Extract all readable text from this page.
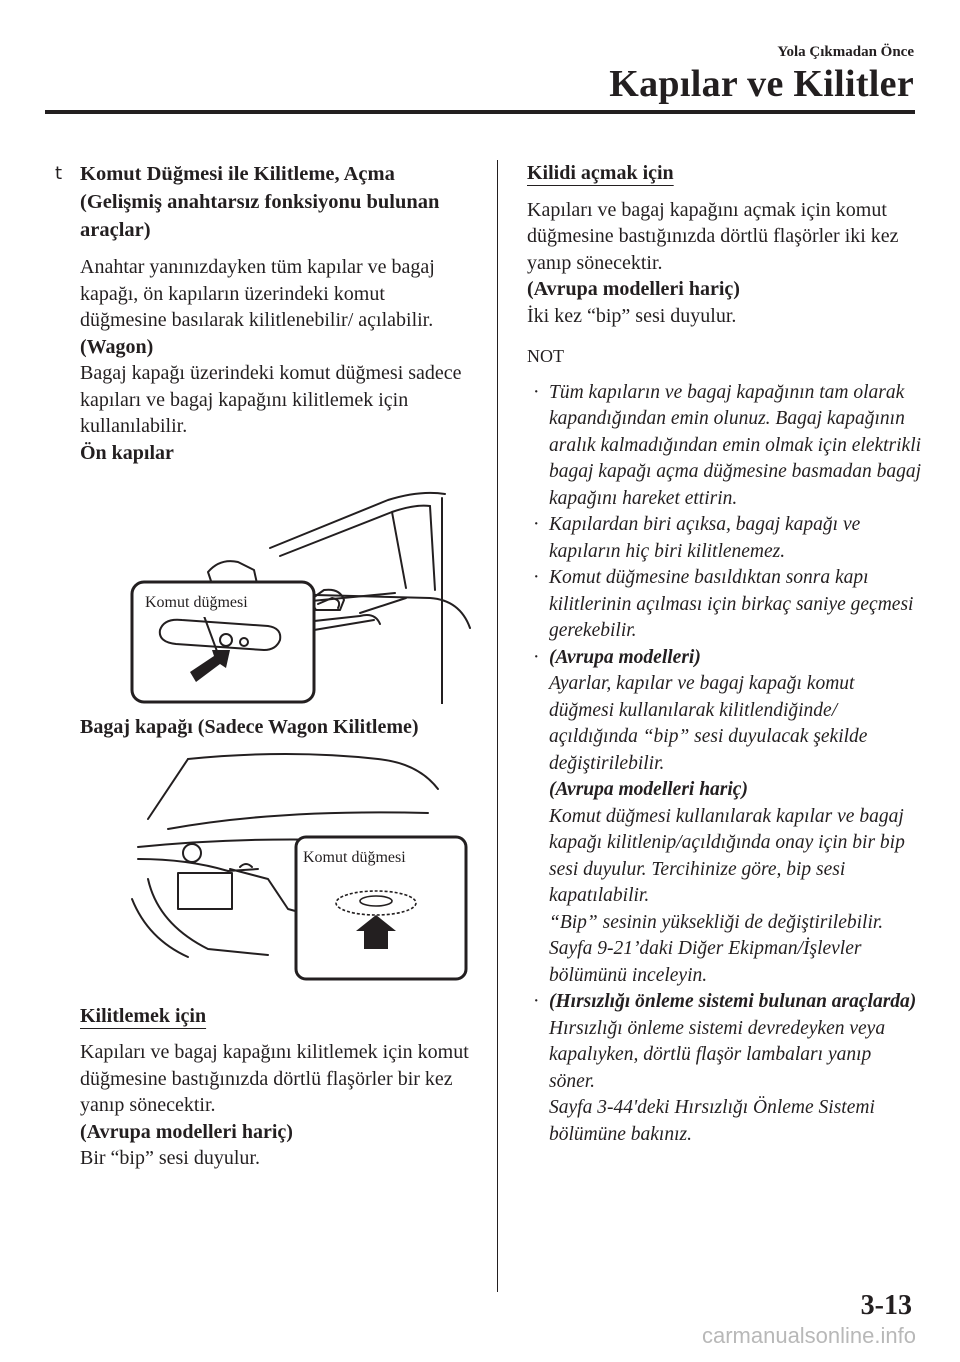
Yola Çıkmadan Önce
Kapılar ve Kilitler
t Komut Düğmesi ile Kilitleme, Açma (Gelişmiş anahtarsız fonksiyonu bulunan araçlar)

Anahtar yanınızdayken tüm kapılar ve bagaj kapağı, ön kapıların üzerindeki komut düğmesine basılarak kilitlenebilir/ açılabilir.

(Wagon)

Bagaj kapağı üzerindeki komut düğmesi sadece kapıları ve bagaj kapağını kilitlemek için kullanılabilir.

Ön kapılar

Komut düğmesi

Bagaj kapağı (Sadece Wagon Kilitleme)

Komut düğmesi

Kilitlemek için

Kapıları ve bagaj kapağını kilitlemek için komut düğmesine bastığınızda dörtlü flaşörler bir kez yanıp sönecektir.

(Avrupa modelleri hariç)

Bir “bip” sesi duyulur.

Kilidi açmak için

Kapıları ve bagaj kapağını açmak için komut düğmesine bastığınızda dörtlü flaşörler iki kez yanıp sönecektir.

(Avrupa modelleri hariç)

İki kez “bip” sesi duyulur.

NOT

· Tüm kapıların ve bagaj kapağının tam olarak kapandığından emin olunuz. Bagaj kapağının aralık kalmadığından emin olmak için elektrikli bagaj kapağı açma düğmesine basmadan bagaj kapağını hareket ettirin.
· Kapılardan biri açıksa, bagaj kapağı ve kapıların hiç biri kilitlenemez.
· Komut düğmesine basıldıktan sonra kapı kilitlerinin açılması için birkaç saniye geçmesi gerekebilir.
· (Avrupa modelleri)
Ayarlar, kapılar ve bagaj kapağı komut düğmesi kullanılarak kilitlendiğinde/ açıldığında “bip” sesi duyulacak şekilde değiştirilebilir.
(Avrupa modelleri hariç)
Komut düğmesi kullanılarak kapılar ve bagaj kapağı kilitlenip/açıldığında onay için bir bip sesi duyulur. Tercihinize göre, bip sesi kapatılabilir.
“Bip” sesinin yüksekliği de değiştirilebilir. Sayfa 9-21’daki Diğer Ekipman/İşlevler bölümünü inceleyin.
· (Hırsızlığı önleme sistemi bulunan araçlarda)
Hırsızlığı önleme sistemi devredeyken veya kapalıyken, dörtlü flaşör lambaları yanıp söner.
Sayfa 3-44'deki Hırsızlığı Önleme Sistemi bölümüne bakınız.
3-13
carmanualsonline.info
